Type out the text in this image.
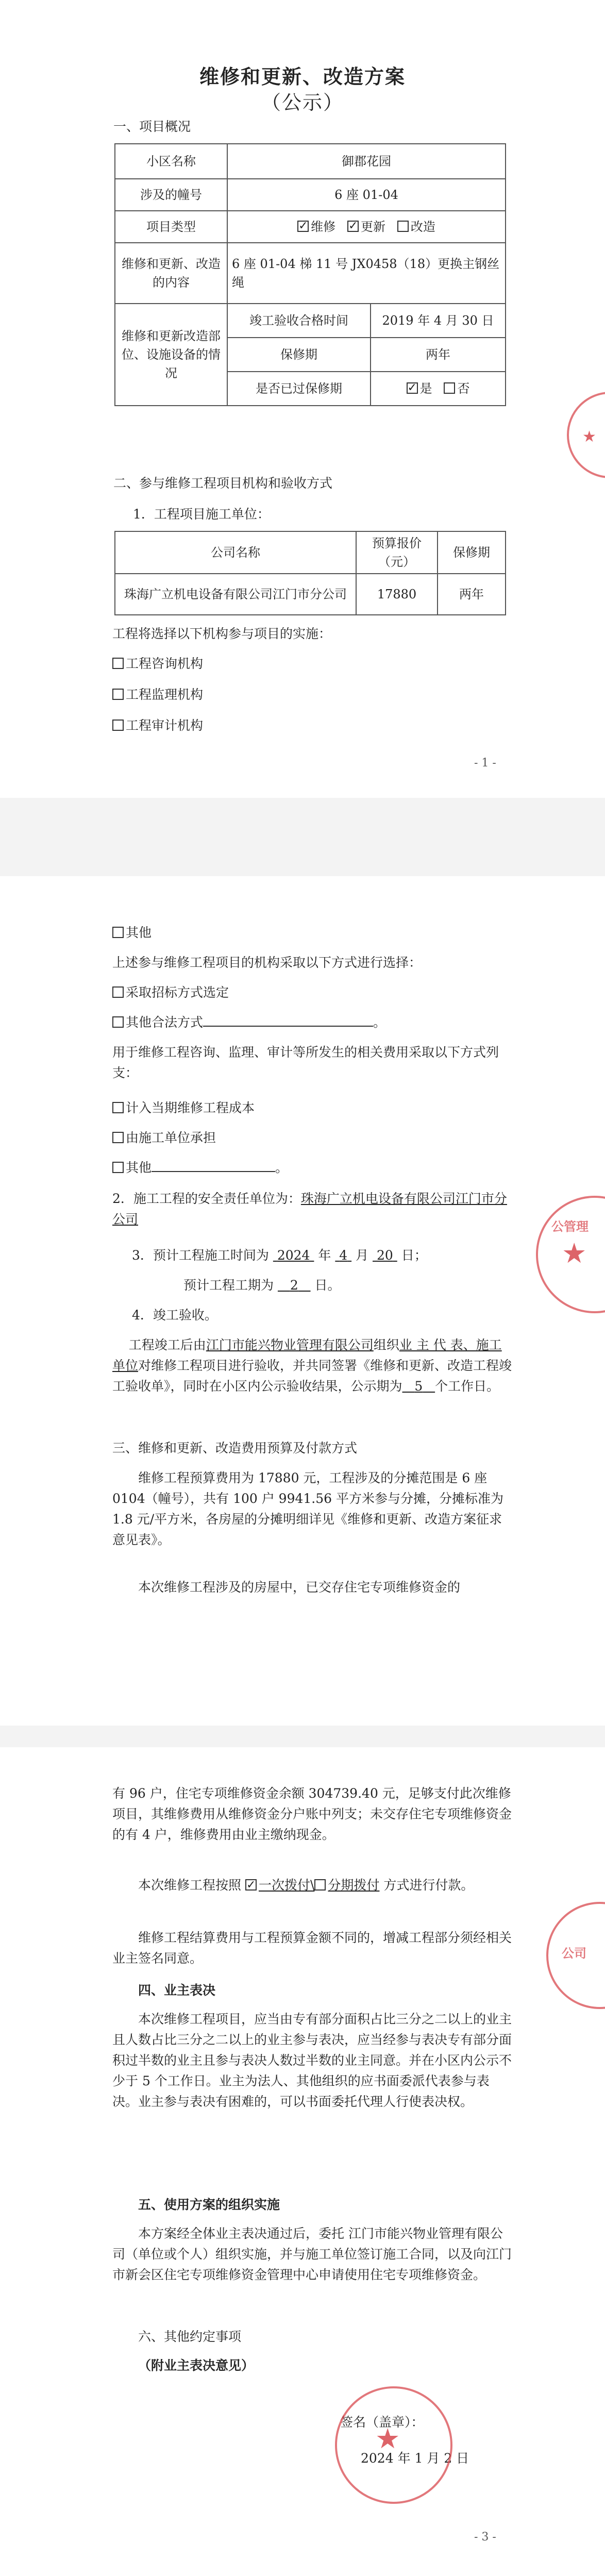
维修和更新、改造方案
（公示）
一、项目概况
小区名称	御郡花园	
涉及的幢号	6 座 01-04	
项目类型	✓维修 ✓ 更新 改造
维修和更新、改造的内容	6 座 01-04 梯 11 号 JX0458（18）更换主钢丝绳	
维修和更新改造部位、设施设备的情况	竣工验收合格时间	2019 年 4 月 30 日
	保修期	两年
	是否已过保修期	✓是 否
二、参与维修工程项目机构和验收方式
1．工程项目施工单位：
公司名称	预算报价（元）	保修期
珠海广立机电设备有限公司江门市分公司	17880	两年
工程将选择以下机构参与项目的实施：
工程咨询机构
工程监理机构
工程审计机构
- 1 -
★
其他
上述参与维修工程项目的机构采取以下方式进行选择：
采取招标方式选定
其他合法方式	。
用于维修工程咨询、监理、审计等所发生的相关费用采取以下方式列支：
计入当期维修工程成本
由施工单位承担
其他	。
2．施工工程的安全责任单位为：珠海广立机电设备有限公司江门市分公司
3．预计工程施工时间为 2024  年  4  月  20  日；
预计工程工期为 2 日。
4．竣工验收。
工程竣工后由江门市能兴物业管理有限公司组织业 主 代 表、施工单位对维修工程项目进行验收，并共同签署《维修和更新、改造工程竣工验收单》，同时在小区内公示验收结果，公示期为 5 个工作日。
三、维修和更新、改造费用预算及付款方式
维修工程预算费用为 17880 元，工程涉及的分摊范围是 6 座 0104（幢号），共有 100 户 9941.56 平方米参与分摊，分摊标准为 1.8 元/平方米，各房屋的分摊明细详见《维修和更新、改造方案征求意见表》。
本次维修工程涉及的房屋中，已交存住宅专项维修资金的
公管理
★
有 96 户，住宅专项维修资金余额 304739.40 元，足够支付此次维修项目，其维修费用从维修资金分户账中列支；未交存住宅专项维修资金的有 4 户，维修费用由业主缴纳现金。
本次维修工程按照 ✓ 一次拨付\ 分期拨付 方式进行付款。
维修工程结算费用与工程预算金额不同的，增减工程部分须经相关业主签名同意。
四、业主表决
本次维修工程项目，应当由专有部分面积占比三分之二以上的业主且人数占比三分之二以上的业主参与表决，应当经参与表决专有部分面积过半数的业主且参与表决人数过半数的业主同意。并在小区内公示不少于 5 个工作日。业主为法人、其他组织的应书面委派代表参与表决。业主参与表决有困难的，可以书面委托代理人行使表决权。
五、使用方案的组织实施
本方案经全体业主表决通过后，委托 江门市能兴物业管理有限公司（单位或个人）组织实施，并与施工单位签订施工合同，以及向江门市新会区住宅专项维修资金管理中心申请使用住宅专项维修资金。
六、其他约定事项
（附业主表决意见）
签名（盖章）：
2024 年 1 月 2 日
- 3 -
★
公司
